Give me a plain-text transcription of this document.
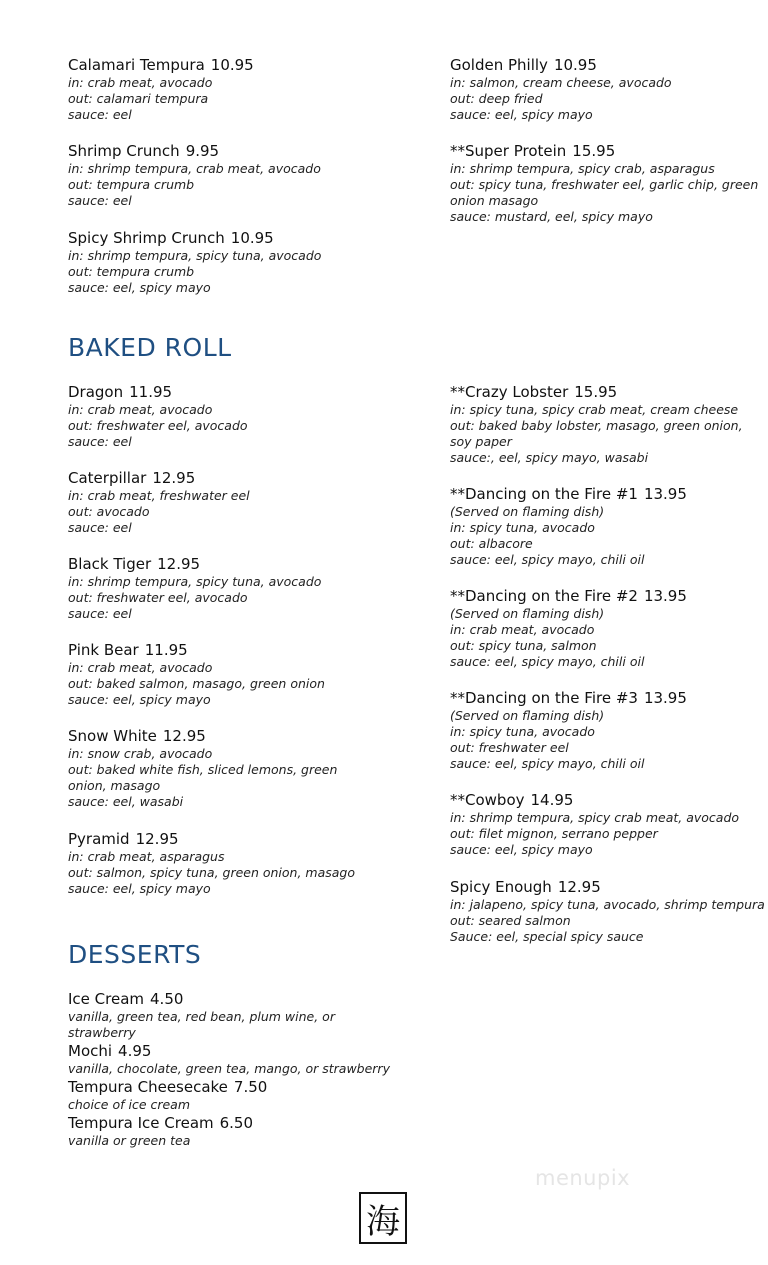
BAKED ROLL
DESSERTS
Calamari Tempura 10.95
in: crab meat, avocado
out: calamari tempura
sauce: eel
Shrimp Crunch 9.95
in: shrimp tempura, crab meat, avocado
out: tempura crumb
sauce: eel
Spicy Shrimp Crunch 10.95
in: shrimp tempura, spicy tuna, avocado
out: tempura crumb
sauce: eel, spicy mayo
Golden Philly 10.95
in: salmon, cream cheese, avocado
out: deep fried
sauce: eel, spicy mayo
**Super Protein 15.95
in: shrimp tempura, spicy crab, asparagus
out: spicy tuna, freshwater eel, garlic chip, green
onion masago
sauce: mustard, eel, spicy mayo
Dragon 11.95
in: crab meat, avocado
out: freshwater eel, avocado
sauce: eel
Caterpillar 12.95
in: crab meat, freshwater eel
out: avocado
sauce: eel
Black Tiger 12.95
in: shrimp tempura, spicy tuna, avocado
out: freshwater eel, avocado
sauce: eel
Pink Bear 11.95
in: crab meat, avocado
out: baked salmon, masago, green onion
sauce: eel, spicy mayo
Snow White 12.95
in: snow crab, avocado
out: baked white fish, sliced lemons, green
onion, masago
sauce: eel, wasabi
Pyramid 12.95
in: crab meat, asparagus
out: salmon, spicy tuna, green onion, masago
sauce: eel, spicy mayo
**Crazy Lobster 15.95
in: spicy tuna, spicy crab meat, cream cheese
out: baked baby lobster, masago, green onion,
soy paper
sauce:, eel, spicy mayo, wasabi
**Dancing on the Fire #1 13.95
(Served on flaming dish)
in: spicy tuna, avocado
out: albacore
sauce: eel, spicy mayo, chili oil
**Dancing on the Fire #2 13.95
(Served on flaming dish)
in: crab meat, avocado
out: spicy tuna, salmon
sauce: eel, spicy mayo, chili oil
**Dancing on the Fire #3 13.95
(Served on flaming dish)
in: spicy tuna, avocado
out: freshwater eel
sauce: eel, spicy mayo, chili oil
**Cowboy 14.95
in: shrimp tempura, spicy crab meat, avocado
out: filet mignon, serrano pepper
sauce: eel, spicy mayo
Spicy Enough 12.95
in: jalapeno, spicy tuna, avocado, shrimp tempura
out: seared salmon
Sauce: eel, special spicy sauce
Ice Cream 4.50
vanilla, green tea, red bean, plum wine, or
strawberry
Mochi 4.95
vanilla, chocolate, green tea, mango, or strawberry
Tempura Cheesecake 7.50
choice of ice cream
Tempura Ice Cream 6.50
vanilla or green tea
menupix
海
